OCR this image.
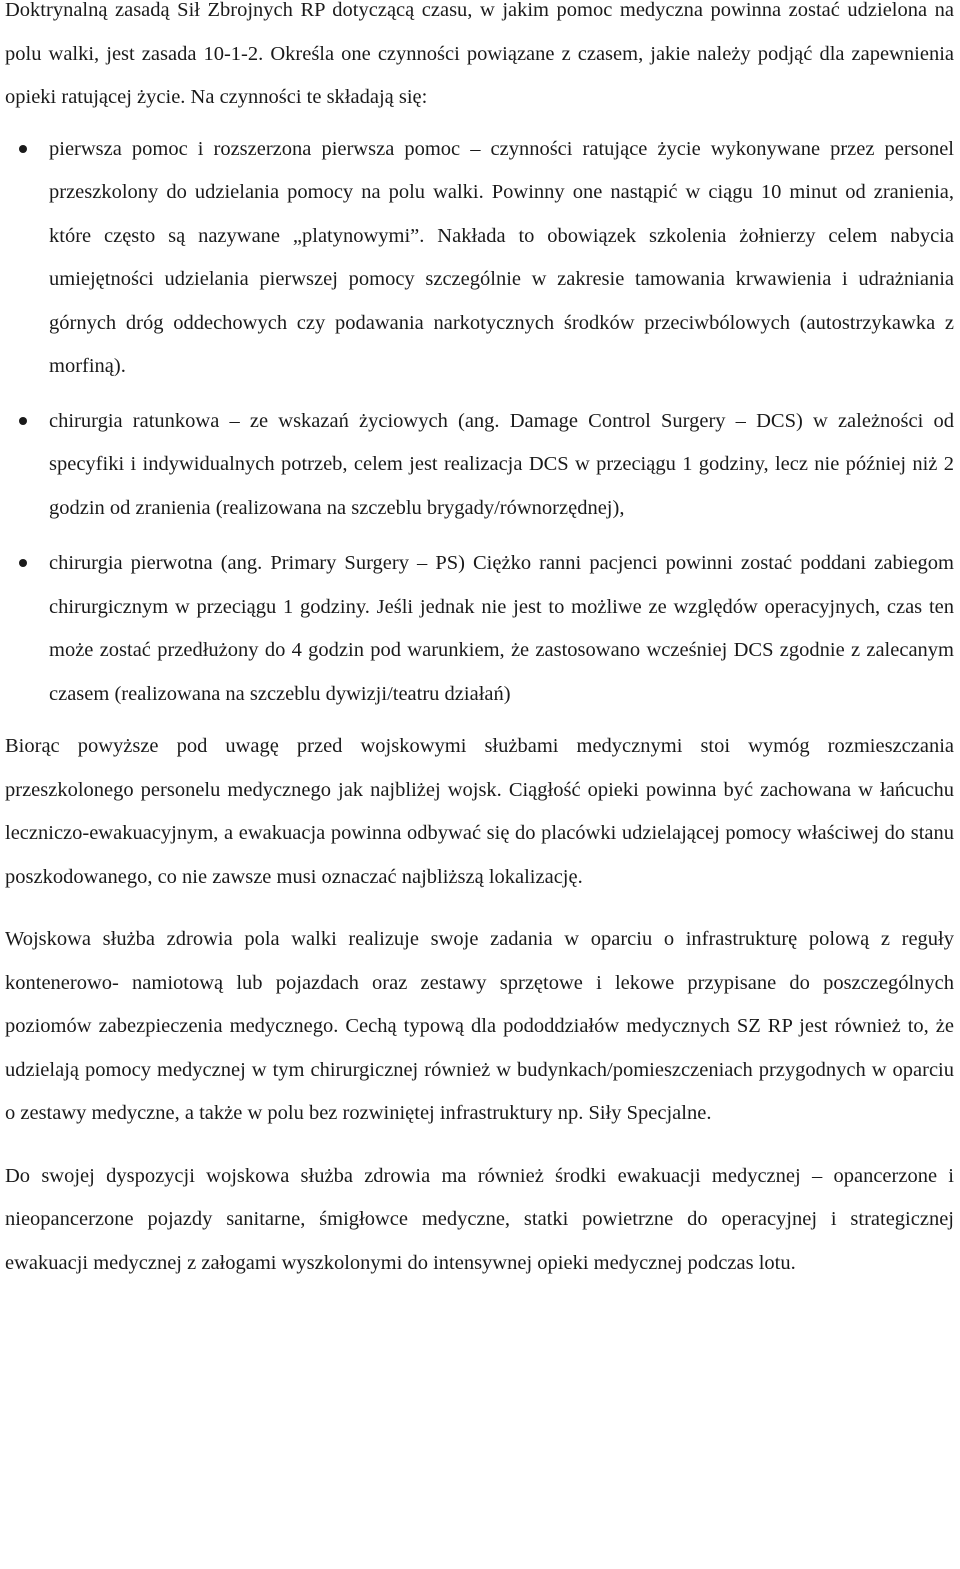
Doktrynalną zasadą Sił Zbrojnych RP dotyczącą czasu, w jakim pomoc medyczna powinna zostać udzielona na polu walki, jest zasada 10-1-2. Określa one czynności powiązane z czasem, jakie należy podjąć dla zapewnienia opieki ratującej życie. Na czynności te składają się:

pierwsza pomoc i rozszerzona pierwsza pomoc – czynności ratujące życie wykonywane przez personel przeszkolony do udzielania pomocy na polu walki. Powinny one nastąpić w ciągu 10 minut od zranienia, które często są nazywane „platynowymi”. Nakłada to obowiązek szkolenia żołnierzy celem nabycia umiejętności udzielania pierwszej pomocy szczególnie w zakresie tamowania krwawienia i udrażniania górnych dróg oddechowych czy podawania narkotycznych środków przeciwbólowych (autostrzykawka z morfiną).
chirurgia ratunkowa – ze wskazań życiowych (ang. Damage Control Surgery – DCS) w zależności od specyfiki i indywidualnych potrzeb, celem jest realizacja DCS w przeciągu 1 godziny, lecz nie później niż 2 godzin od zranienia (realizowana na szczeblu brygady/równorzędnej),
chirurgia pierwotna (ang. Primary Surgery – PS) Ciężko ranni pacjenci powinni zostać poddani zabiegom chirurgicznym w przeciągu 1 godziny. Jeśli jednak nie jest to możliwe ze względów operacyjnych, czas ten może zostać przedłużony do 4 godzin pod warunkiem, że zastosowano wcześniej DCS zgodnie z zalecanym czasem (realizowana na szczeblu dywizji/teatru działań)

Biorąc powyższe pod uwagę przed wojskowymi służbami medycznymi stoi wymóg rozmieszczania przeszkolonego personelu medycznego jak najbliżej wojsk. Ciągłość opieki powinna być zachowana w łańcuchu leczniczo-ewakuacyjnym, a ewakuacja powinna odbywać się do placówki udzielającej pomocy właściwej do stanu poszkodowanego, co nie zawsze musi oznaczać najbliższą lokalizację.

Wojskowa służba zdrowia pola walki realizuje swoje zadania w oparciu o infrastrukturę polową z reguły kontenerowo- namiotową lub pojazdach oraz zestawy sprzętowe i lekowe przypisane do poszczególnych poziomów zabezpieczenia medycznego. Cechą typową dla pododdziałów medycznych SZ RP jest również to, że udzielają pomocy medycznej w tym chirurgicznej również w budynkach/pomieszczeniach przygodnych w oparciu o zestawy medyczne, a także w polu bez rozwiniętej infrastruktury np. Siły Specjalne.

Do swojej dyspozycji wojskowa służba zdrowia ma również środki ewakuacji medycznej – opancerzone i nieopancerzone pojazdy sanitarne, śmigłowce medyczne, statki powietrzne do operacyjnej i strategicznej ewakuacji medycznej z załogami wyszkolonymi do intensywnej opieki medycznej podczas lotu.
